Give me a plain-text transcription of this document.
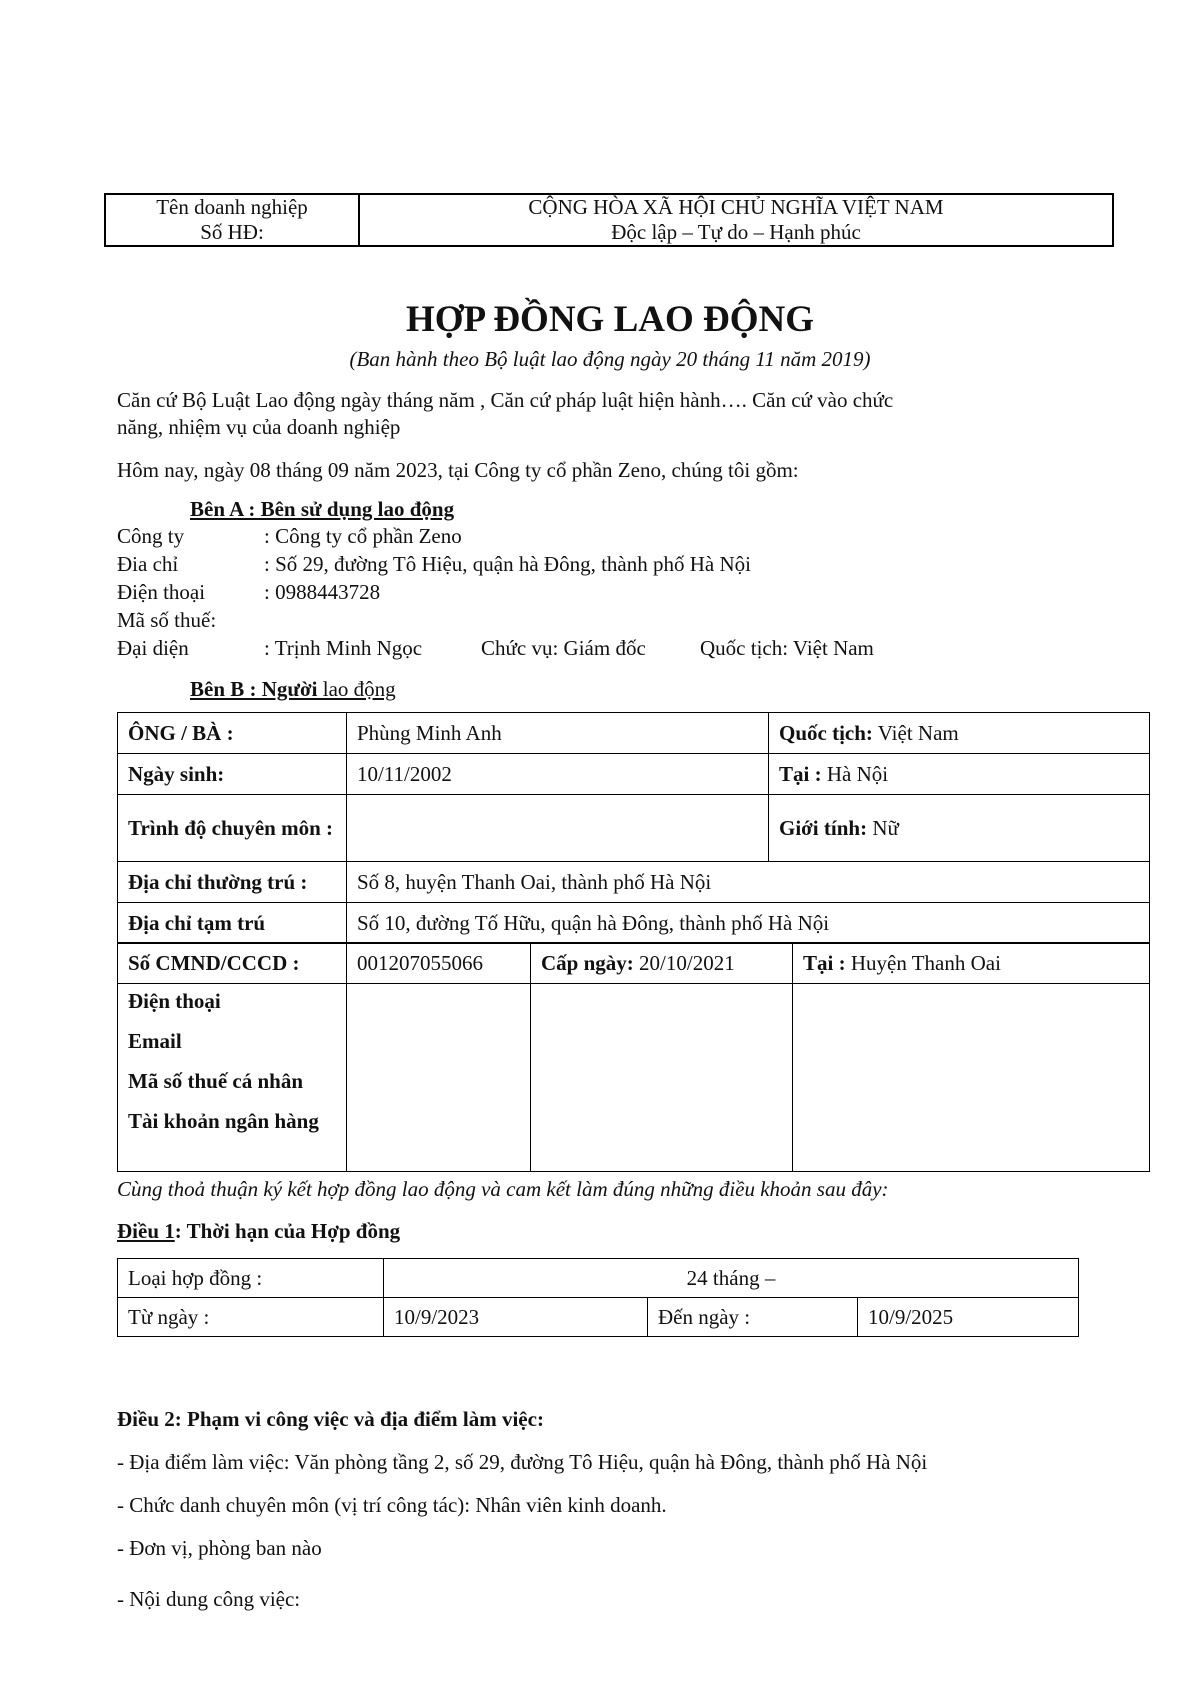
Tên doanh nghiệp
Số HĐ:
CỘNG HÒA XÃ HỘI CHỦ NGHĨA VIỆT NAM
Độc lập – Tự do – Hạnh phúc
HỢP ĐỒNG LAO ĐỘNG
(Ban hành theo Bộ luật lao động ngày 20 tháng 11 năm 2019)
Căn cứ Bộ Luật Lao động ngày tháng năm , Căn cứ pháp luật hiện hành…. Căn cứ vào chức
năng, nhiệm vụ của doanh nghiệp
Hôm nay, ngày 08 tháng 09 năm 2023, tại Công ty cổ phần Zeno, chúng tôi gồm:
Bên A : Bên sử dụng lao động
Công ty	: Công ty cổ phần Zeno
Đia chỉ	: Số 29, đường Tô Hiệu, quận hà Đông, thành phố Hà Nội
Điện thoại	: 0988443728
Mã số thuế:
Đại diện	: Trịnh Minh Ngọc	Chức vụ: Giám đốc	Quốc tịch: Việt Nam
Bên B : Người lao động
ÔNG / BÀ :	Phùng Minh Anh	Quốc tịch: Việt Nam
Ngày sinh:	10/11/2002	Tại : Hà Nội
Trình độ chuyên môn :		Giới tính: Nữ
Địa chỉ thường trú :	Số 8, huyện Thanh Oai, thành phố Hà Nội	
Địa chỉ tạm trú	Số 10, đường Tố Hữu, quận hà Đông, thành phố Hà Nội	
Số CMND/CCCD :	001207055066	Cấp ngày: 20/10/2021	Tại : Huyện Thanh Oai
Điện thoại
Email
Mã số thuế cá nhân
Tài khoản ngân hàng

Cùng thoả thuận ký kết hợp đồng lao động và cam kết làm đúng những điều khoản sau đây:
Điều 1: Thời hạn của Hợp đồng
Loại hợp đồng :	24 tháng –		
Từ ngày :	10/9/2023	Đến ngày :	10/9/2025
Điều 2: Phạm vi công việc và địa điểm làm việc:
- Địa điểm làm việc: Văn phòng tầng 2, số 29, đường Tô Hiệu, quận hà Đông, thành phố Hà Nội
- Chức danh chuyên môn (vị trí công tác): Nhân viên kinh doanh.
- Đơn vị, phòng ban nào
- Nội dung công việc:
